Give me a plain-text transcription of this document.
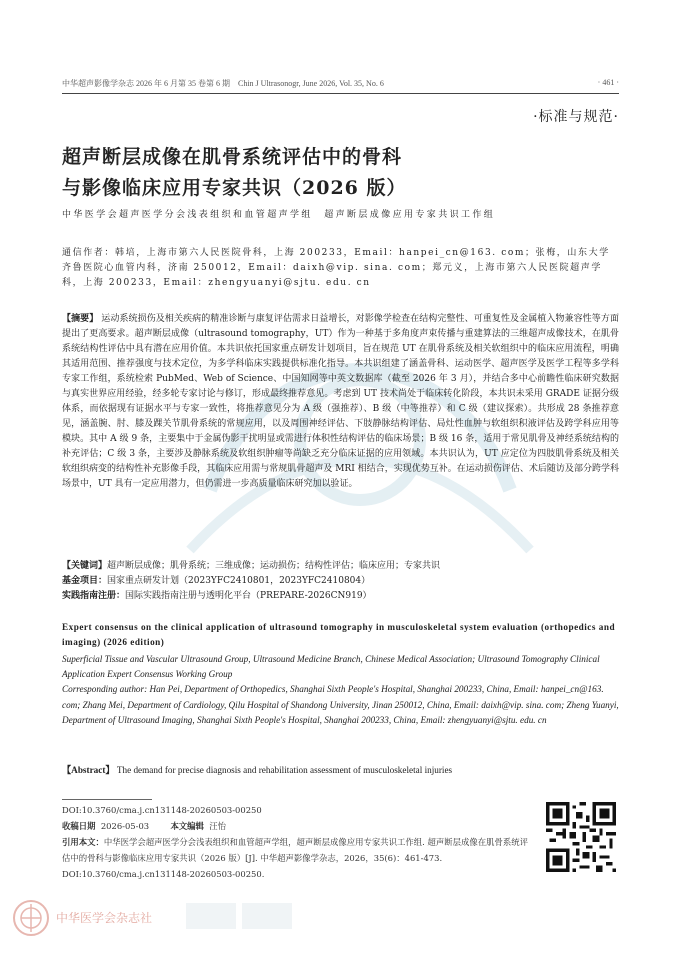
中华超声影像学杂志 2026 年 6 月第 35 卷第 6 期　Chin J Ultrasonogr, June 2026, Vol. 35, No. 6	· 461 ·
·标准与规范·
超声断层成像在肌骨系统评估中的骨科
与影像临床应用专家共识（2026 版）
中华医学会超声医学分会浅表组织和血管超声学组　超声断层成像应用专家共识工作组
通信作者：韩培，上海市第六人民医院骨科，上海 200233，Email：hanpei_cn@163. com；张梅，山东大学齐鲁医院心血管内科，济南 250012，Email：daixh@vip. sina. com；郑元义，上海市第六人民医院超声学科，上海 200233，Email：zhengyuanyi@sjtu. edu. cn
【摘要】 运动系统损伤及相关疾病的精准诊断与康复评估需求日益增长，对影像学检查在结构完整性、可重复性及金属植入物兼容性等方面提出了更高要求。超声断层成像（ultrasound tomography，UT）作为一种基于多角度声束传播与重建算法的三维超声成像技术，在肌骨系统结构性评估中具有潜在应用价值。本共识依托国家重点研发计划项目，旨在规范 UT 在肌骨系统及相关软组织中的临床应用流程，明确其适用范围、推荐强度与技术定位，为多学科临床实践提供标准化指导。本共识组建了涵盖骨科、运动医学、超声医学及医学工程等多学科专家工作组，系统检索 PubMed、Web of Science、中国知网等中英文数据库（截至 2026 年 3 月），并结合多中心前瞻性临床研究数据与真实世界应用经验，经多轮专家讨论与修订，形成最终推荐意见。考虑到 UT 技术尚处于临床转化阶段，本共识未采用 GRADE 证据分级体系，而依据现有证据水平与专家一致性，将推荐意见分为 A 级（强推荐）、B 级（中等推荐）和 C 级（建议探索）。共形成 28 条推荐意见，涵盖腕、肘、膝及踝关节肌骨系统的常规应用，以及周围神经评估、下肢静脉结构评估、局灶性血肿与软组织积液评估及跨学科应用等模块。其中 A 级 9 条，主要集中于金属伪影干扰明显或需进行体积性结构评估的临床场景；B 级 16 条，适用于常见肌骨及神经系统结构的补充评估；C 级 3 条，主要涉及静脉系统及软组织肿瘤等尚缺乏充分临床证据的应用领域。本共识认为，UT 应定位为四肢肌骨系统及相关软组织病变的结构性补充影像手段，其临床应用需与常规肌骨超声及 MRI 相结合，实现优势互补。在运动损伤评估、术后随访及部分跨学科场景中，UT 具有一定应用潜力，但仍需进一步高质量临床研究加以验证。

【关键词】超声断层成像；肌骨系统；三维成像；运动损伤；结构性评估；临床应用；专家共识

基金项目：国家重点研发计划（2023YFC2410801，2023YFC2410804）

实践指南注册：国际实践指南注册与透明化平台（PREPARE-2026CN919）

Expert consensus on the clinical application of ultrasound tomography in musculoskeletal system evaluation (orthopedics and imaging) (2026 edition)

Superficial Tissue and Vascular Ultrasound Group, Ultrasound Medicine Branch, Chinese Medical Association; Ultrasound Tomography Clinical Application Expert Consensus Working Group

Corresponding author: Han Pei, Department of Orthopedics, Shanghai Sixth People's Hospital, Shanghai 200233, China, Email: hanpei_cn@163. com; Zhang Mei, Department of Cardiology, Qilu Hospital of Shandong University, Jinan 250012, China, Email: daixh@vip. sina. com; Zheng Yuanyi, Department of Ultrasound Imaging, Shanghai Sixth People's Hospital, Shanghai 200233, China, Email: zhengyuanyi@sjtu. edu. cn

【Abstract】 The demand for precise diagnosis and rehabilitation assessment of musculoskeletal injuries

DOI:10.3760/cma.j.cn131148-20260503-00250

收稿日期 2026-05-03	本文编辑 汪怡

引用本文：中华医学会超声医学分会浅表组织和血管超声学组，超声断层成像应用专家共识工作组. 超声断层成像在肌骨系统评估中的骨科与影像临床应用专家共识（2026 版）[J]. 中华超声影像学杂志，2026，35(6)：461-473. DOI:10.3760/cma.j.cn131148-20260503-00250.

中华医学会杂志社
